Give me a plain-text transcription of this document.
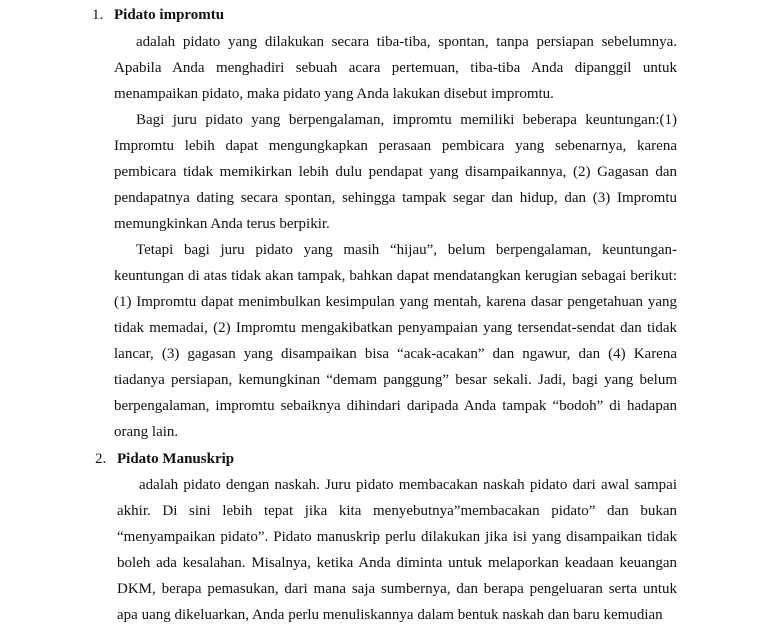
1. Pidato impromtu

adalah pidato yang dilakukan secara tiba-tiba, spontan, tanpa persiapan sebelumnya. Apabila Anda menghadiri sebuah acara pertemuan, tiba-tiba Anda dipanggil untuk menampaikan pidato, maka pidato yang Anda lakukan disebut impromtu.

Bagi juru pidato yang berpengalaman, impromtu memiliki beberapa keuntungan:(1) Impromtu lebih dapat mengungkapkan perasaan pembicara yang sebenarnya, karena pembicara tidak memikirkan lebih dulu pendapat yang disampaikannya, (2) Gagasan dan pendapatnya dating secara spontan, sehingga tampak segar dan hidup, dan (3) Impromtu memungkinkan Anda terus berpikir.

Tetapi bagi juru pidato yang masih “hijau”, belum berpengalaman, keuntungan-keuntungan di atas tidak akan tampak, bahkan dapat mendatangkan kerugian sebagai berikut: (1) Impromtu dapat menimbulkan kesimpulan yang mentah, karena dasar pengetahuan yang tidak memadai, (2) Impromtu mengakibatkan penyampaian yang tersendat-sendat dan tidak lancar, (3) gagasan yang disampaikan bisa “acak-acakan” dan ngawur, dan (4) Karena tiadanya persiapan, kemungkinan “demam panggung” besar sekali. Jadi, bagi yang belum berpengalaman, impromtu sebaiknya dihindari daripada Anda tampak “bodoh” di hadapan orang lain.

2. Pidato Manuskrip

adalah pidato dengan naskah. Juru pidato membacakan naskah pidato dari awal sampai akhir. Di sini lebih tepat jika kita menyebutnya”membacakan pidato” dan bukan “menyampaikan pidato”. Pidato manuskrip perlu dilakukan jika isi yang disampaikan tidak boleh ada kesalahan. Misalnya, ketika Anda diminta untuk melaporkan keadaan keuangan DKM, berapa pemasukan, dari mana saja sumbernya, dan berapa pengeluaran serta untuk apa uang dikeluarkan, Anda perlu menuliskannya dalam bentuk naskah dan baru kemudian
